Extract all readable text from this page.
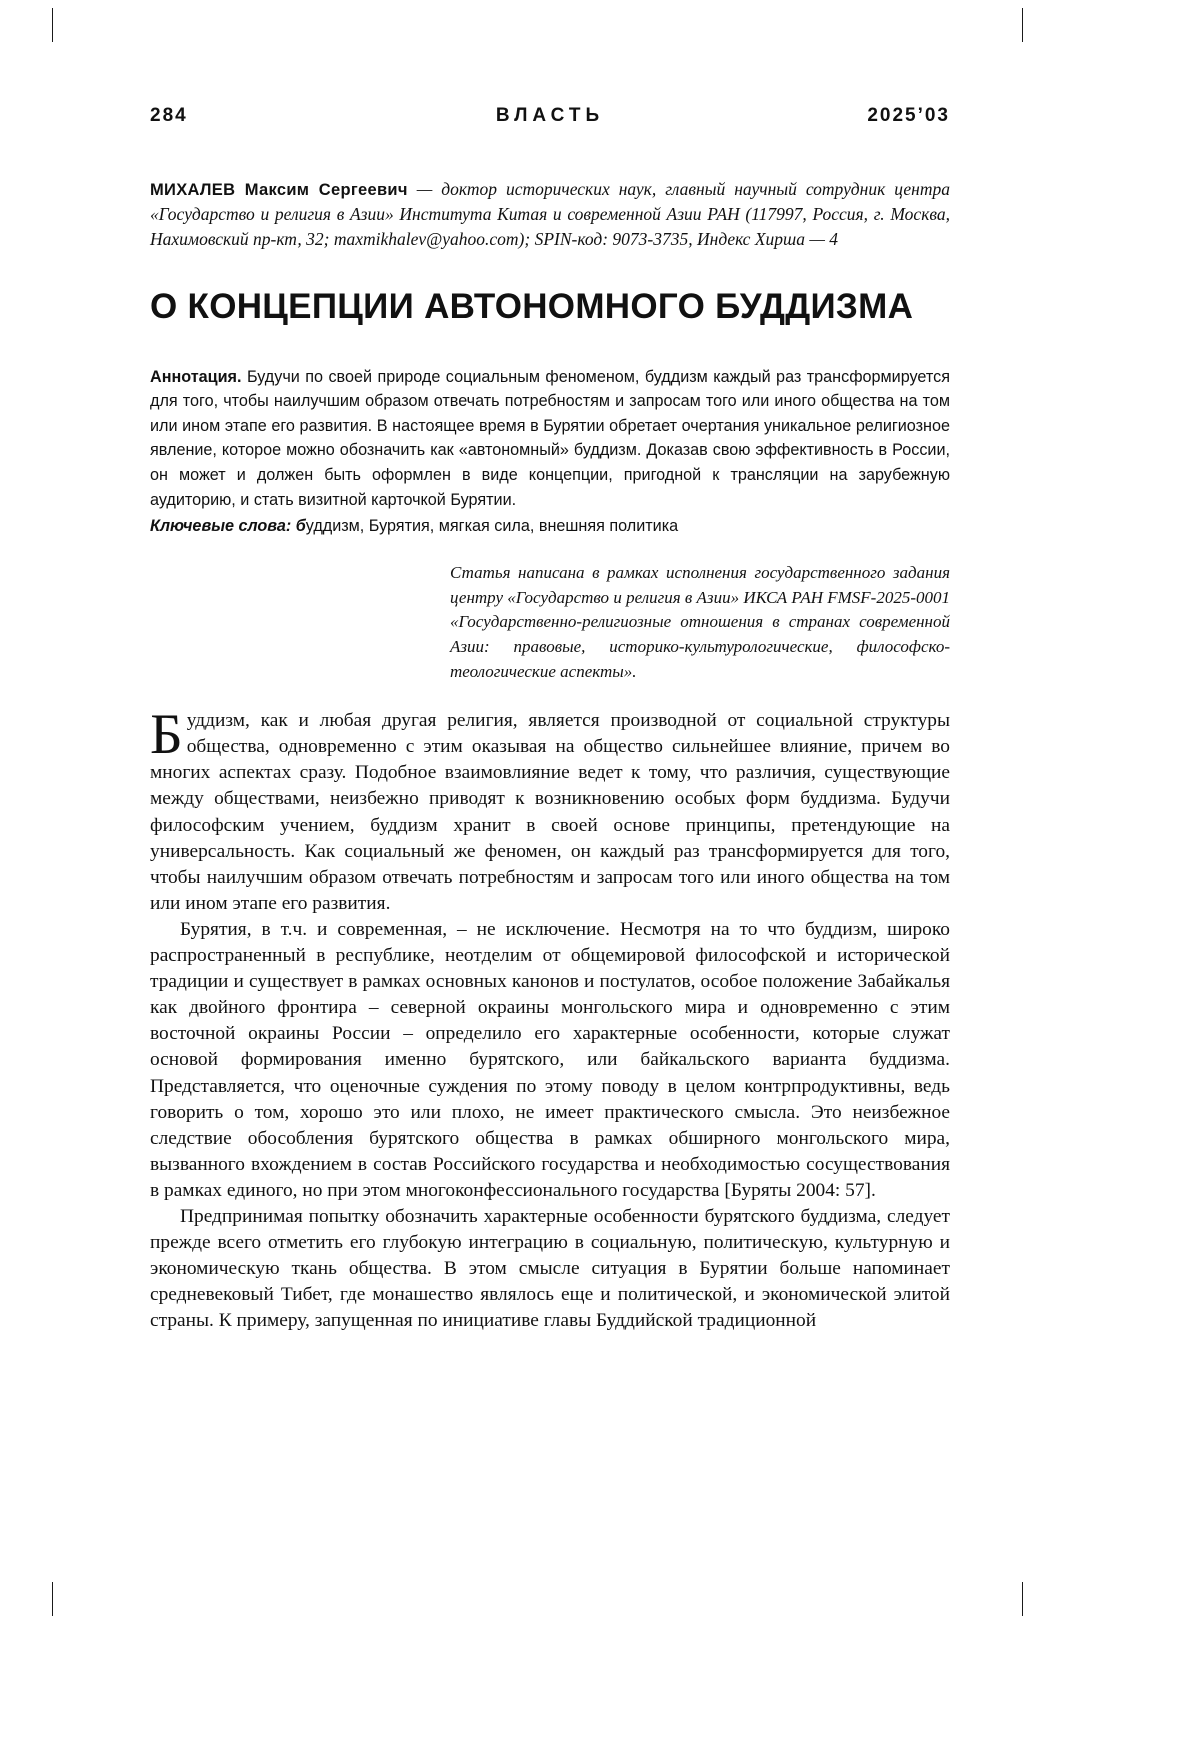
284	ВЛАСТЬ	2025’03
МИХАЛЕВ Максим Сергеевич — доктор исторических наук, главный научный сотрудник центра «Государство и религия в Азии» Института Китая и современной Азии РАН (117997, Россия, г. Москва, Нахимовский пр-кт, 32; maxmikhalev@yahoo.com); SPIN-код: 9073-3735, Индекс Хирша — 4
О КОНЦЕПЦИИ АВТОНОМНОГО БУДДИЗМА
Аннотация. Будучи по своей природе социальным феноменом, буддизм каждый раз трансформируется для того, чтобы наилучшим образом отвечать потребностям и запросам того или иного общества на том или ином этапе его развития. В настоящее время в Бурятии обретает очертания уникальное религиозное явление, которое можно обозначить как «автономный» буддизм. Доказав свою эффективность в России, он может и должен быть оформлен в виде концепции, пригодной к трансляции на зарубежную аудиторию, и стать визитной карточкой Бурятии.
Ключевые слова: буддизм, Бурятия, мягкая сила, внешняя политика
Статья написана в рамках исполнения государственного задания центру «Государство и религия в Азии» ИКСА РАН FMSF-2025-0001 «Государственно-религиозные отношения в странах современной Азии: правовые, историко-культурологические, философско-теологические аспекты».

Буддизм, как и любая другая религия, является производной от социальной структуры общества, одновременно с этим оказывая на общество сильнейшее влияние, причем во многих аспектах сразу. Подобное взаимовлияние ведет к тому, что различия, существующие между обществами, неизбежно приводят к возникновению особых форм буддизма. Будучи философским учением, буддизм хранит в своей основе принципы, претендующие на универсальность. Как социальный же феномен, он каждый раз трансформируется для того, чтобы наилучшим образом отвечать потребностям и запросам того или иного общества на том или ином этапе его развития.

Бурятия, в т.ч. и современная, – не исключение. Несмотря на то что буддизм, широко распространенный в республике, неотделим от общемировой философской и исторической традиции и существует в рамках основных канонов и постулатов, особое положение Забайкалья как двойного фронтира – северной окраины монгольского мира и одновременно с этим восточной окраины России – определило его характерные особенности, которые служат основой формирования именно бурятского, или байкальского варианта буддизма. Представляется, что оценочные суждения по этому поводу в целом контрпродуктивны, ведь говорить о том, хорошо это или плохо, не имеет практического смысла. Это неизбежное следствие обособления бурятского общества в рамках обширного монгольского мира, вызванного вхождением в состав Российского государства и необходимостью сосуществования в рамках единого, но при этом многоконфессионального государства [Буряты 2004: 57].

Предпринимая попытку обозначить характерные особенности бурятского буддизма, следует прежде всего отметить его глубокую интеграцию в социальную, политическую, культурную и экономическую ткань общества. В этом смысле ситуация в Бурятии больше напоминает средневековый Тибет, где монашество являлось еще и политической, и экономической элитой страны. К примеру, запущенная по инициативе главы Буддийской традиционной
